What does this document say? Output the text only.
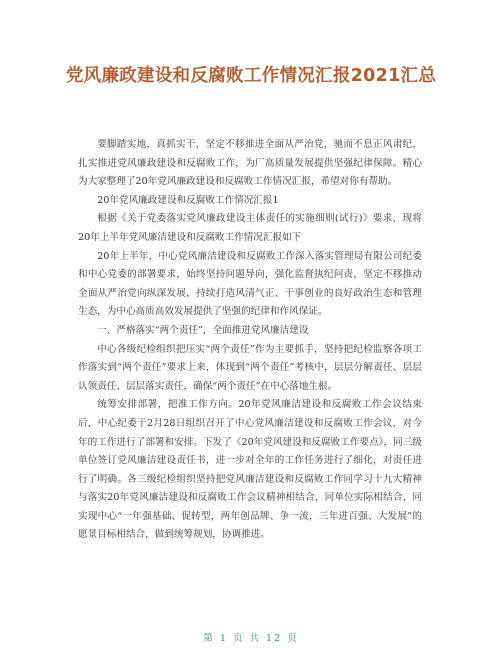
党风廉政建设和反腐败工作情况汇报2021汇总

要脚踏实地，真抓实干，坚定不移推进全面从严治党，驰而不息正风肃纪，扎实推进党风廉政建设和反腐败工作，为厂高质量发展提供坚强纪律保障。精心为大家整理了20年党风廉政建设和反腐败工作情况汇报，希望对你有帮助。

20年党风廉政建设和反腐败工作情况汇报1

根据《关于党委落实党风廉政建设主体责任的实施细则(试行)》要求，现将20年上半年党风廉洁建设和反腐败工作情况汇报如下

20年上半年，中心党风廉洁建设和反腐败工作深入落实管理局有限公司纪委和中心党委的部署要求，始终坚持问题导向，强化监督执纪问责，坚定不移推动全面从严治党向纵深发展，持续打造风清气正、干事创业的良好政治生态和管理生态，为中心高质高效发展提供了坚强的纪律和作风保证。

一、严格落实“两个责任”，全面推进党风廉洁建设

中心各级纪检组织把压实“两个责任”作为主要抓手，坚持把纪检监察各项工作落实到“两个责任”要求上来，体现到“两个责任”考核中，层层分解责任、层层认领责任、层层落实责任，确保“两个责任”在中心落地生根。

统筹安排部署，把准工作方向。20年党风廉洁建设和反腐败工作会议结束后，中心纪委于2月28日组织召开了中心党风廉洁建设和反腐败工作会议，对今年的工作进行了部署和安排。下发了《20年党风建设和反腐败工作要点》，同三级单位签订党风廉洁建设责任书，进一步对全年的工作任务进行了细化，对责任进行了明确。各三级纪检组织坚持把党风廉洁建设和反腐败工作同学习十九大精神与落实20年党风廉洁建设和反腐败工作会议精神相结合，同单位实际相结合，同实现中心“一年强基础、促转型，两年创品牌、争一流，三年进百强、大发展”的愿景目标相结合，做到统筹规划，协调推进。

第 1 页 共 12 页
